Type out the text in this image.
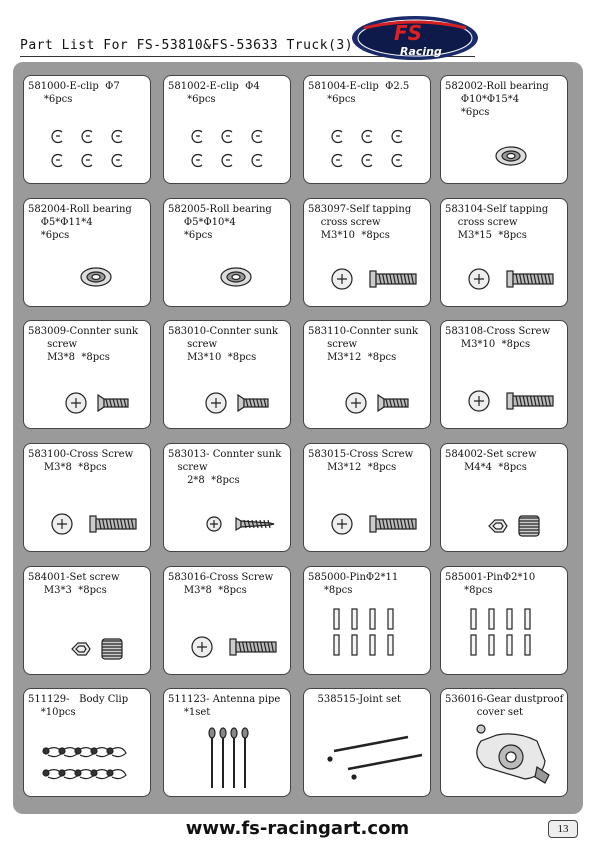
Part List For FS-53810&FS-53633 Truck(3)
FS
Racing
581000-E-clip  Φ7
*6pcs
581002-E-clip  Φ4
*6pcs
581004-E-clip  Φ2.5
*6pcs
582002-Roll bearing
Φ10*Φ15*4
*6pcs
582004-Roll bearing
Φ5*Φ11*4
*6pcs
582005-Roll bearing
Φ5*Φ10*4
*6pcs
583097-Self tapping
cross screw
M3*10  *8pcs
583104-Self tapping
cross screw
M3*15  *8pcs
583009-Connter sunk
screw
M3*8  *8pcs
583010-Connter sunk
screw
M3*10  *8pcs
583110-Connter sunk
screw
M3*12  *8pcs
583108-Cross Screw
M3*10  *8pcs
583100-Cross Screw
M3*8  *8pcs
583013- Connter sunk
screw
2*8  *8pcs
583015-Cross Screw
M3*12  *8pcs
584002-Set screw
M4*4  *8pcs
584001-Set screw
M3*3  *8pcs
583016-Cross Screw
M3*8  *8pcs
585000-PinΦ2*11
*8pcs
585001-PinΦ2*10
*8pcs
511129-   Body Clip
*10pcs
511123- Antenna pipe
*1set
538515-Joint set	536016-Gear dustproof
cover set
www.fs-racingart.com	13
